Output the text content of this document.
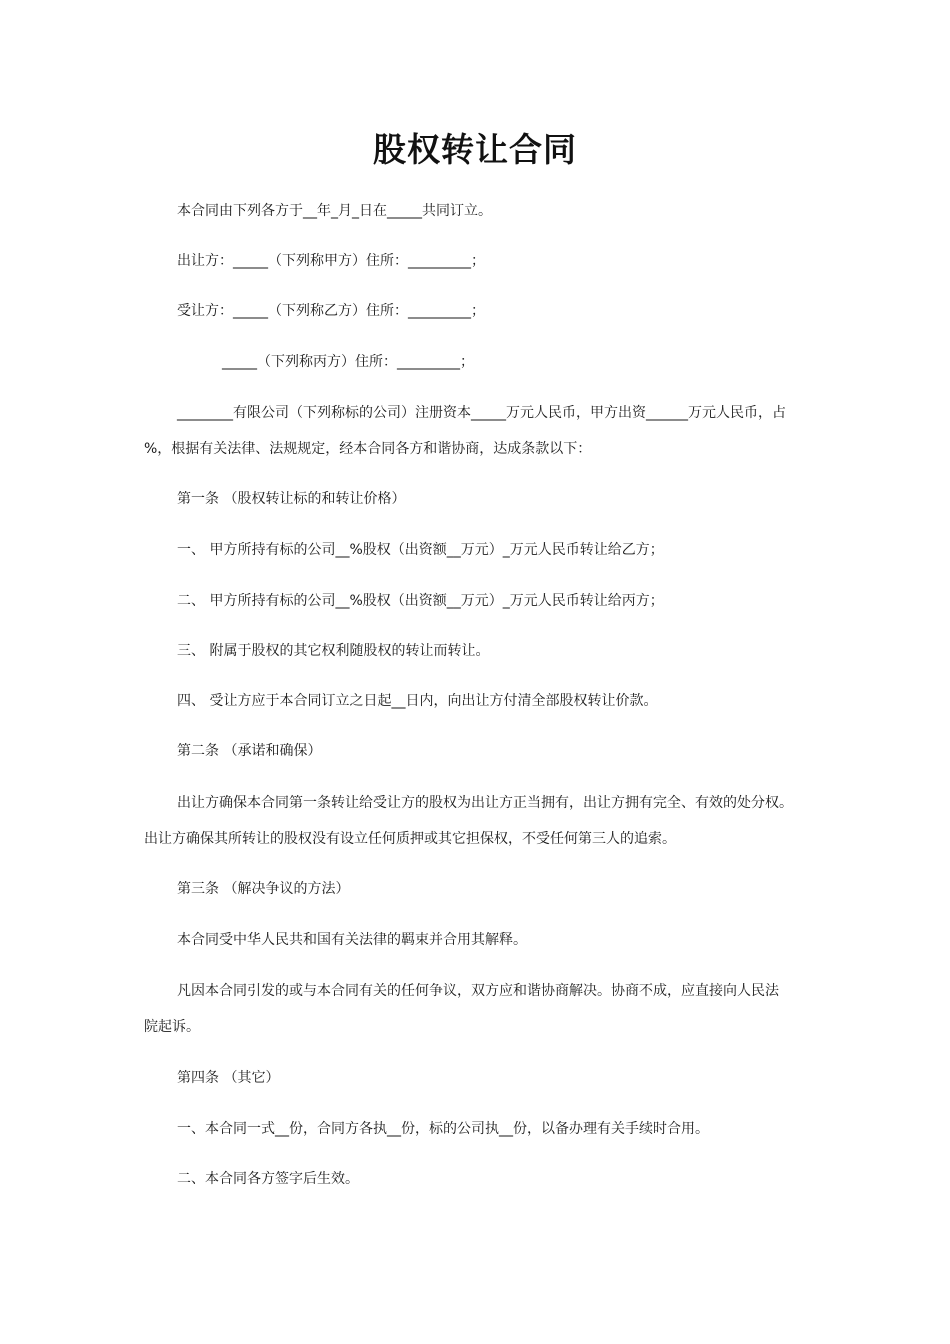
股权转让合同
本合同由下列各方于__年_月_日在_____共同订立。
出让方：_____（下列称甲方）住所：_________；
受让方：_____（下列称乙方）住所：_________；
_____（下列称丙方）住所：_________；
________有限公司（下列称标的公司）注册资本_____万元人民币，甲方出资______万元人民币，占
%，根据有关法律、法规规定，经本合同各方和谐协商，达成条款以下：
第一条 （股权转让标的和转让价格）
一、 甲方所持有标的公司__%股权（出资额__万元）_万元人民币转让给乙方；
二、 甲方所持有标的公司__%股权（出资额__万元）_万元人民币转让给丙方；
三、 附属于股权的其它权利随股权的转让而转让。
四、 受让方应于本合同订立之日起__日内，向出让方付清全部股权转让价款。
第二条 （承诺和确保）
出让方确保本合同第一条转让给受让方的股权为出让方正当拥有，出让方拥有完全、有效的处分权。
出让方确保其所转让的股权没有设立任何质押或其它担保权，不受任何第三人的追索。
第三条 （解决争议的方法）
本合同受中华人民共和国有关法律的羁束并合用其解释。
凡因本合同引发的或与本合同有关的任何争议，双方应和谐协商解决。协商不成，应直接向人民法
院起诉。
第四条 （其它）
一、本合同一式__份，合同方各执__份，标的公司执__份，以备办理有关手续时合用。
二、本合同各方签字后生效。
